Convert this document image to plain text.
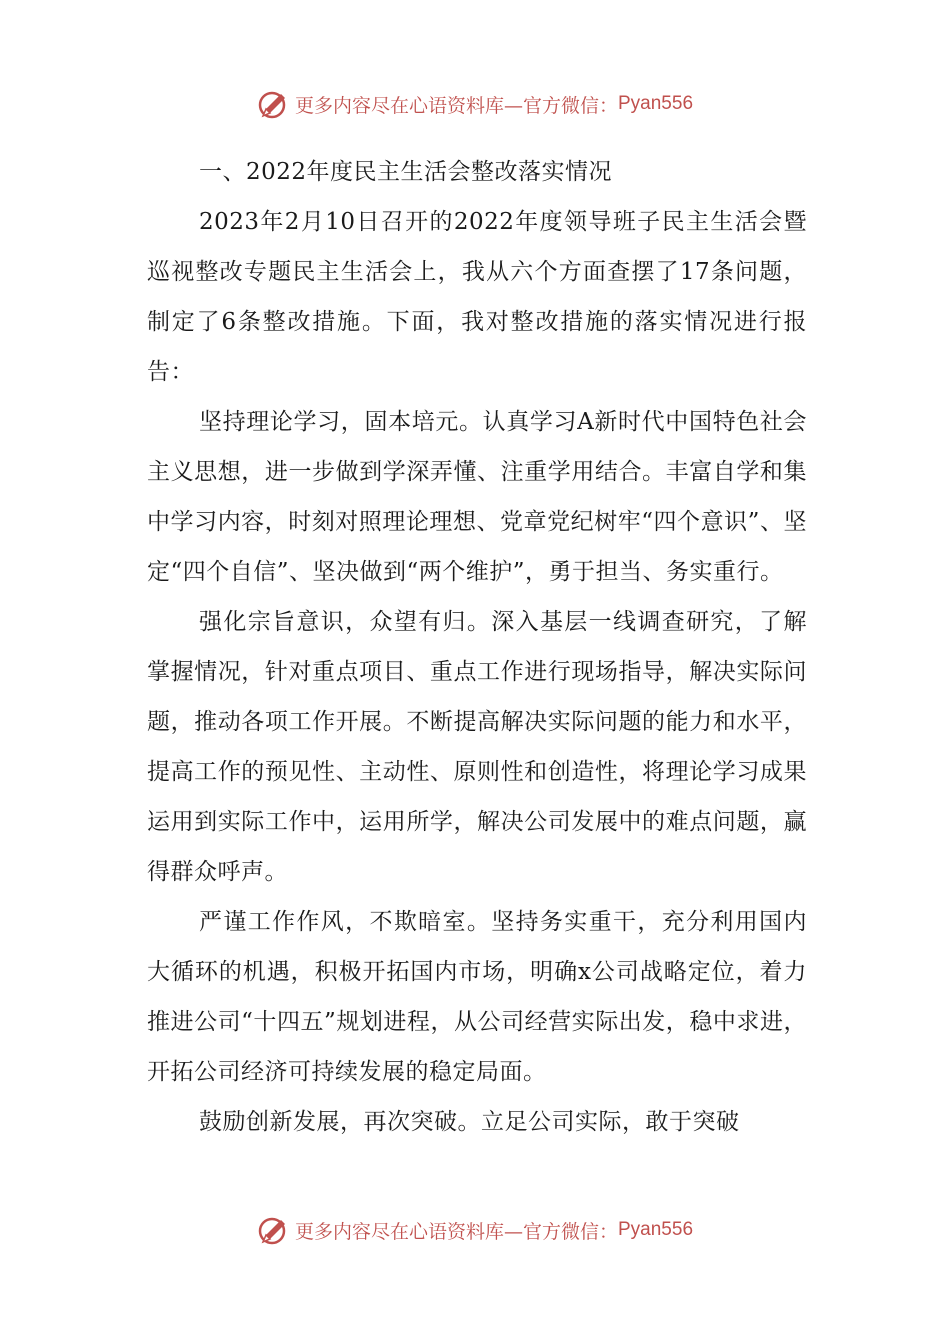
更多内容尽在心语资料库—官方微信： Pyan556

一、2022年度民主生活会整改落实情况

2023年2月10日召开的2022年度领导班子民主生活会暨巡视整改专题民主生活会上，我从六个方面查摆了17条问题，制定了6条整改措施。下面，我对整改措施的落实情况进行报告：

坚持理论学习，固本培元。认真学习A新时代中国特色社会主义思想，进一步做到学深弄懂、注重学用结合。丰富自学和集中学习内容，时刻对照理论理想、党章党纪树牢“四个意识”、坚定“四个自信”、坚决做到“两个维护”，勇于担当、务实重行。

强化宗旨意识，众望有归。深入基层一线调查研究，了解掌握情况，针对重点项目、重点工作进行现场指导，解决实际问题，推动各项工作开展。不断提高解决实际问题的能力和水平，提高工作的预见性、主动性、原则性和创造性，将理论学习成果运用到实际工作中，运用所学，解决公司发展中的难点问题，赢得群众呼声。

严谨工作作风，不欺暗室。坚持务实重干，充分利用国内大循环的机遇，积极开拓国内市场，明确x公司战略定位，着力推进公司“十四五”规划进程，从公司经营实际出发，稳中求进，开拓公司经济可持续发展的稳定局面。

鼓励创新发展，再次突破。立足公司实际，敢于突破

更多内容尽在心语资料库—官方微信： Pyan556
